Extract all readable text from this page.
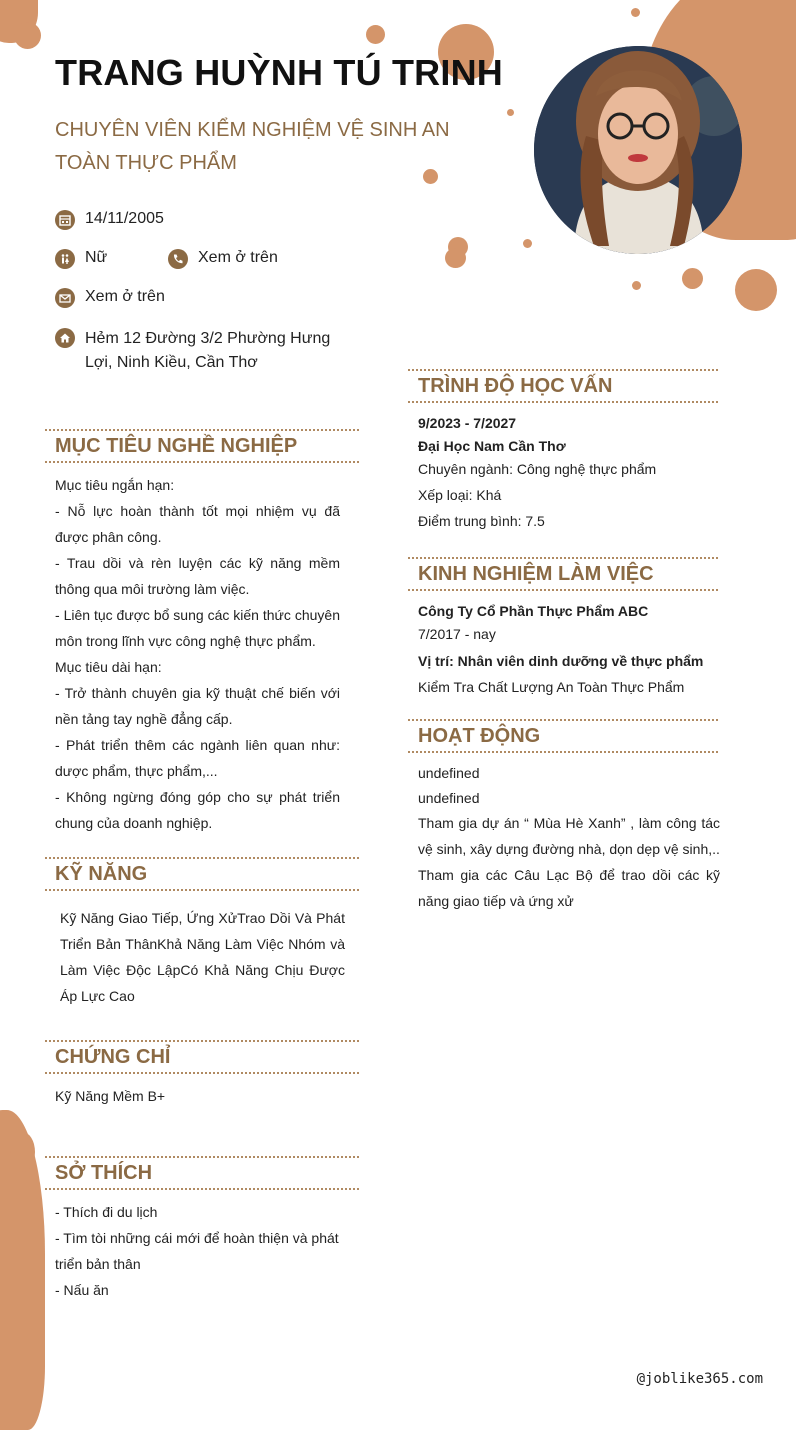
TRANG HUỲNH TÚ TRINH
CHUYÊN VIÊN KIỂM NGHIỆM VỆ SINH AN TOÀN THỰC PHẨM
14/11/2005
Nữ	Xem ở trên
Xem ở trên
Hẻm 12 Đường 3/2 Phường Hưng Lợi, Ninh Kiều, Cần Thơ
MỤC TIÊU NGHỀ NGHIỆP
Mục tiêu ngắn hạn:
- Nỗ lực hoàn thành tốt mọi nhiệm vụ đã được phân công.
- Trau dồi và rèn luyện các kỹ năng mềm thông qua môi trường làm việc.
- Liên tục được bổ sung các kiến thức chuyên môn trong lĩnh vực công nghệ thực phẩm.
Mục tiêu dài hạn:
- Trở thành chuyên gia kỹ thuật chế biến với nền tảng tay nghề đẳng cấp.
- Phát triển thêm các ngành liên quan như: dược phẩm, thực phẩm,...
- Không ngừng đóng góp cho sự phát triển chung của doanh nghiệp.
KỸ NĂNG
Kỹ Năng Giao Tiếp, Ứng XửTrao Dồi Và Phát Triển Bản ThânKhả Năng Làm Việc Nhóm và Làm Việc Độc LậpCó Khả Năng Chịu Được Áp Lực Cao
CHỨNG CHỈ
Kỹ Năng Mềm B+
SỞ THÍCH
- Thích đi du lịch
- Tìm tòi những cái mới để hoàn thiện và phát triển bản thân
- Nấu ăn
TRÌNH ĐỘ HỌC VẤN
9/2023 - 7/2027
Đại Học Nam Cần Thơ
Chuyên ngành: Công nghệ thực phẩm
Xếp loại: Khá
Điểm trung bình: 7.5
KINH NGHIỆM LÀM VIỆC
Công Ty Cổ Phần Thực Phẩm ABC
7/2017 - nay
Vị trí: Nhân viên dinh dưỡng về thực phẩm
Kiểm Tra Chất Lượng An Toàn Thực Phẩm
HOẠT ĐỘNG
undefined
undefined
Tham gia dự án “ Mùa Hè Xanh” , làm công tác vệ sinh, xây dựng đường nhà, dọn dẹp vệ sinh,..
Tham gia các Câu Lạc Bộ để trao dồi các kỹ năng giao tiếp và ứng xử
@joblike365.com
